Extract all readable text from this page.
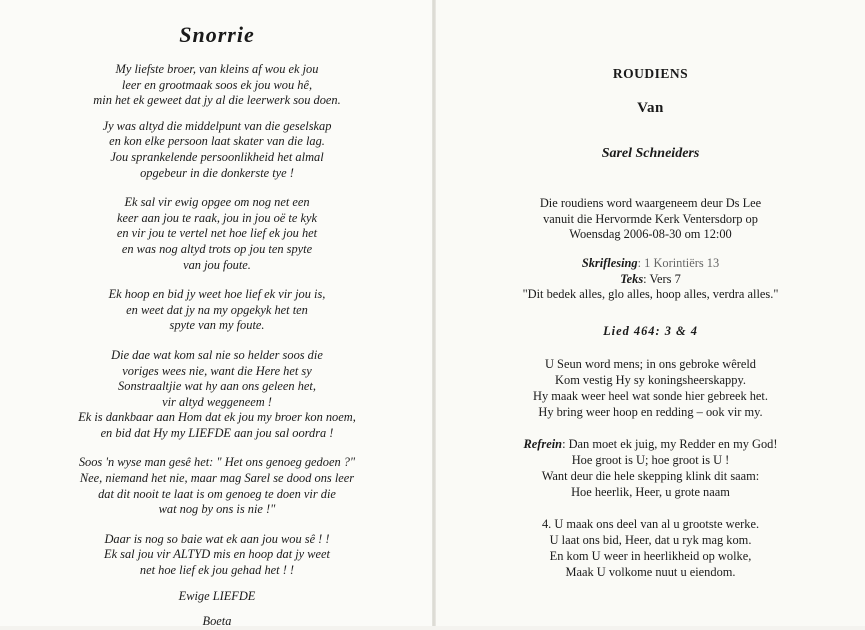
Snorrie

My liefste broer, van kleins af wou ek jou
leer en grootmaak soos ek jou wou hê,
min het ek geweet dat jy al die leerwerk sou doen.

Jy was altyd die middelpunt van die geselskap
en kon elke persoon laat skater van die lag.
Jou sprankelende persoonlikheid het almal
opgebeur in die donkerste tye !

Ek sal vir ewig opgee om nog net een
keer aan jou te raak, jou in jou oë te kyk
en vir jou te vertel net hoe lief ek jou het
en was nog altyd trots op jou ten spyte
van jou foute.

Ek hoop en bid jy weet hoe lief ek vir jou is,
en weet dat jy na my opgekyk het ten
spyte van my foute.

Die dae wat kom sal nie so helder soos die
voriges wees nie, want die Here het sy
Sonstraaltjie wat hy aan ons geleen het,
vir altyd weggeneem !
Ek is dankbaar aan Hom dat ek jou my broer kon noem,
en bid dat Hy my LIEFDE aan jou sal oordra !

Soos 'n wyse man gesê het: " Het ons genoeg gedoen ?"
Nee, niemand het nie, maar mag Sarel se dood ons leer
dat dit nooit te laat is om genoeg te doen vir die
wat nog by ons is nie !"

Daar is nog so baie wat ek aan jou wou sê ! !
Ek sal jou vir ALTYD mis en hoop dat jy weet
net hoe lief ek jou gehad het ! !

Ewige LIEFDE
Boeta
ROUDIENS
Van
Sarel Schneiders
Die roudiens word waargeneem deur Ds Lee
vanuit die Hervormde Kerk Ventersdorp op
Woensdag 2006-08-30 om 12:00
Skriflesing: 1 Korintiërs 13
Teks: Vers 7
"Dit bedek alles, glo alles, hoop alles, verdra alles."
Lied 464: 3 & 4
U Seun word mens; in ons gebroke wêreld
Kom vestig Hy sy koningsheerskappy.
Hy maak weer heel wat sonde hier gebreek het.
Hy bring weer hoop en redding – ook vir my.
Refrein: Dan moet ek juig, my Redder en my God!
Hoe groot is U; hoe groot is U !
Want deur die hele skepping klink dit saam:
Hoe heerlik, Heer, u grote naam
4. U maak ons deel van al u grootste werke.
U laat ons bid, Heer, dat u ryk mag kom.
En kom U weer in heerlikheid op wolke,
Maak U volkome nuut u eiendom.
